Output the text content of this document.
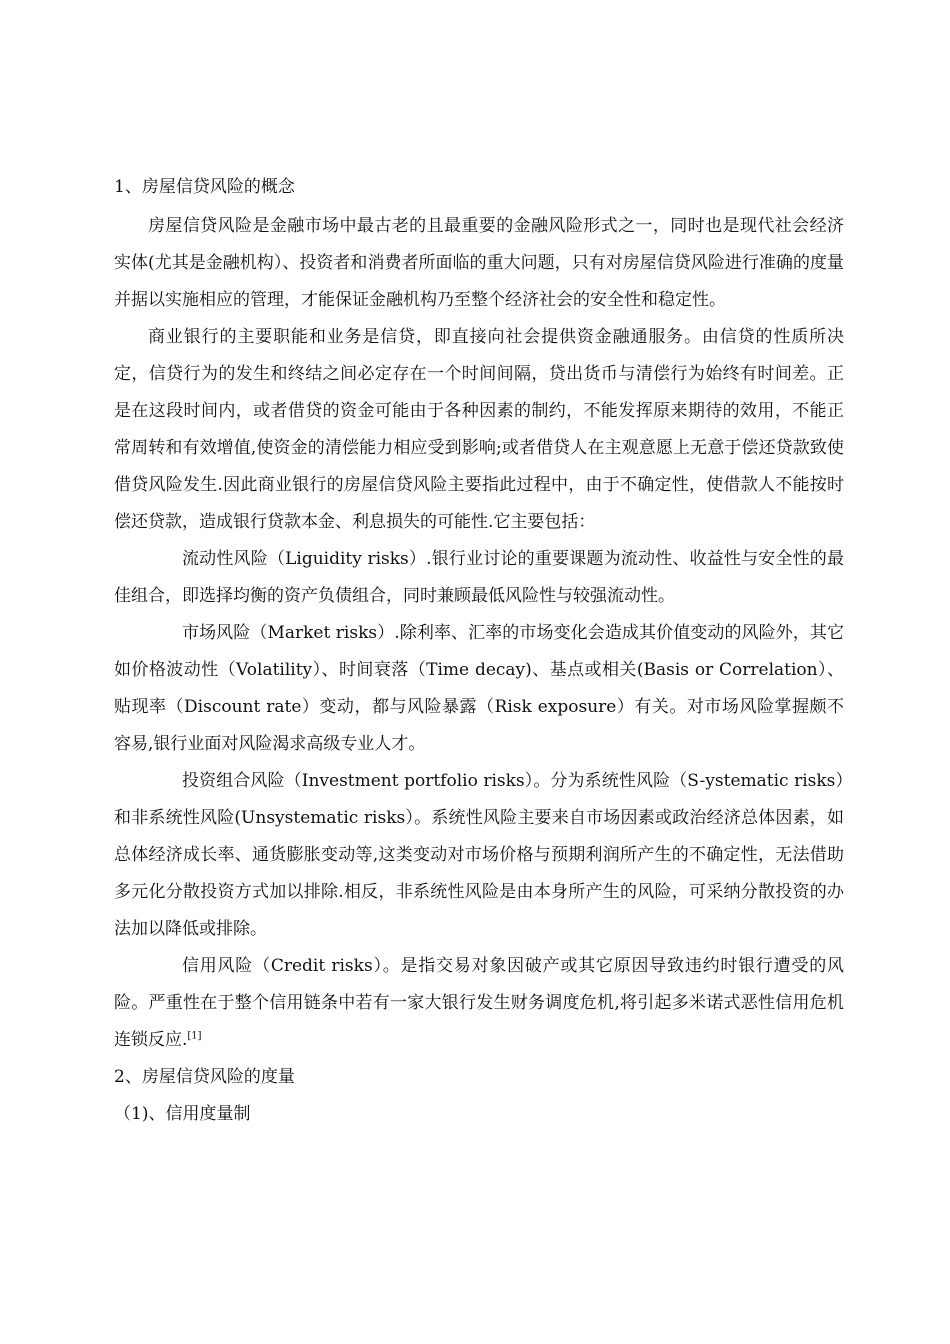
1、房屋信贷风险的概念

房屋信贷风险是金融市场中最古老的且最重要的金融风险形式之一，同时也是现代社会经济实体(尤其是金融机构）、投资者和消费者所面临的重大问题，只有对房屋信贷风险进行准确的度量并据以实施相应的管理，才能保证金融机构乃至整个经济社会的安全性和稳定性。

商业银行的主要职能和业务是信贷，即直接向社会提供资金融通服务。由信贷的性质所决定，信贷行为的发生和终结之间必定存在一个时间间隔，贷出货币与清偿行为始终有时间差。正是在这段时间内，或者借贷的资金可能由于各种因素的制约，不能发挥原来期待的效用，不能正常周转和有效增值,使资金的清偿能力相应受到影响;或者借贷人在主观意愿上无意于偿还贷款致使借贷风险发生.因此商业银行的房屋信贷风险主要指此过程中，由于不确定性，使借款人不能按时偿还贷款，造成银行贷款本金、利息损失的可能性.它主要包括：

流动性风险（Liguidity risks）.银行业讨论的重要课题为流动性、收益性与安全性的最佳组合，即选择均衡的资产负债组合，同时兼顾最低风险性与较强流动性。

市场风险（Market risks）.除利率、汇率的市场变化会造成其价值变动的风险外，其它如价格波动性（Volatility）、时间衰落（Time decay)、基点或相关(Basis or Correlation）、贴现率（Discount rate）变动，都与风险暴露（Risk exposure）有关。对市场风险掌握颇不容易,银行业面对风险渴求高级专业人才。

投资组合风险（Investment portfolio risks）。分为系统性风险（S-ystematic risks）和非系统性风险(Unsystematic risks）。系统性风险主要来自市场因素或政治经济总体因素，如总体经济成长率、通货膨胀变动等,这类变动对市场价格与预期利润所产生的不确定性，无法借助多元化分散投资方式加以排除.相反，非系统性风险是由本身所产生的风险，可采纳分散投资的办法加以降低或排除。

信用风险（Credit risks）。是指交易对象因破产或其它原因导致违约时银行遭受的风险。严重性在于整个信用链条中若有一家大银行发生财务调度危机,将引起多米诺式恶性信用危机连锁反应.[1]

2、房屋信贷风险的度量
（1)、信用度量制
